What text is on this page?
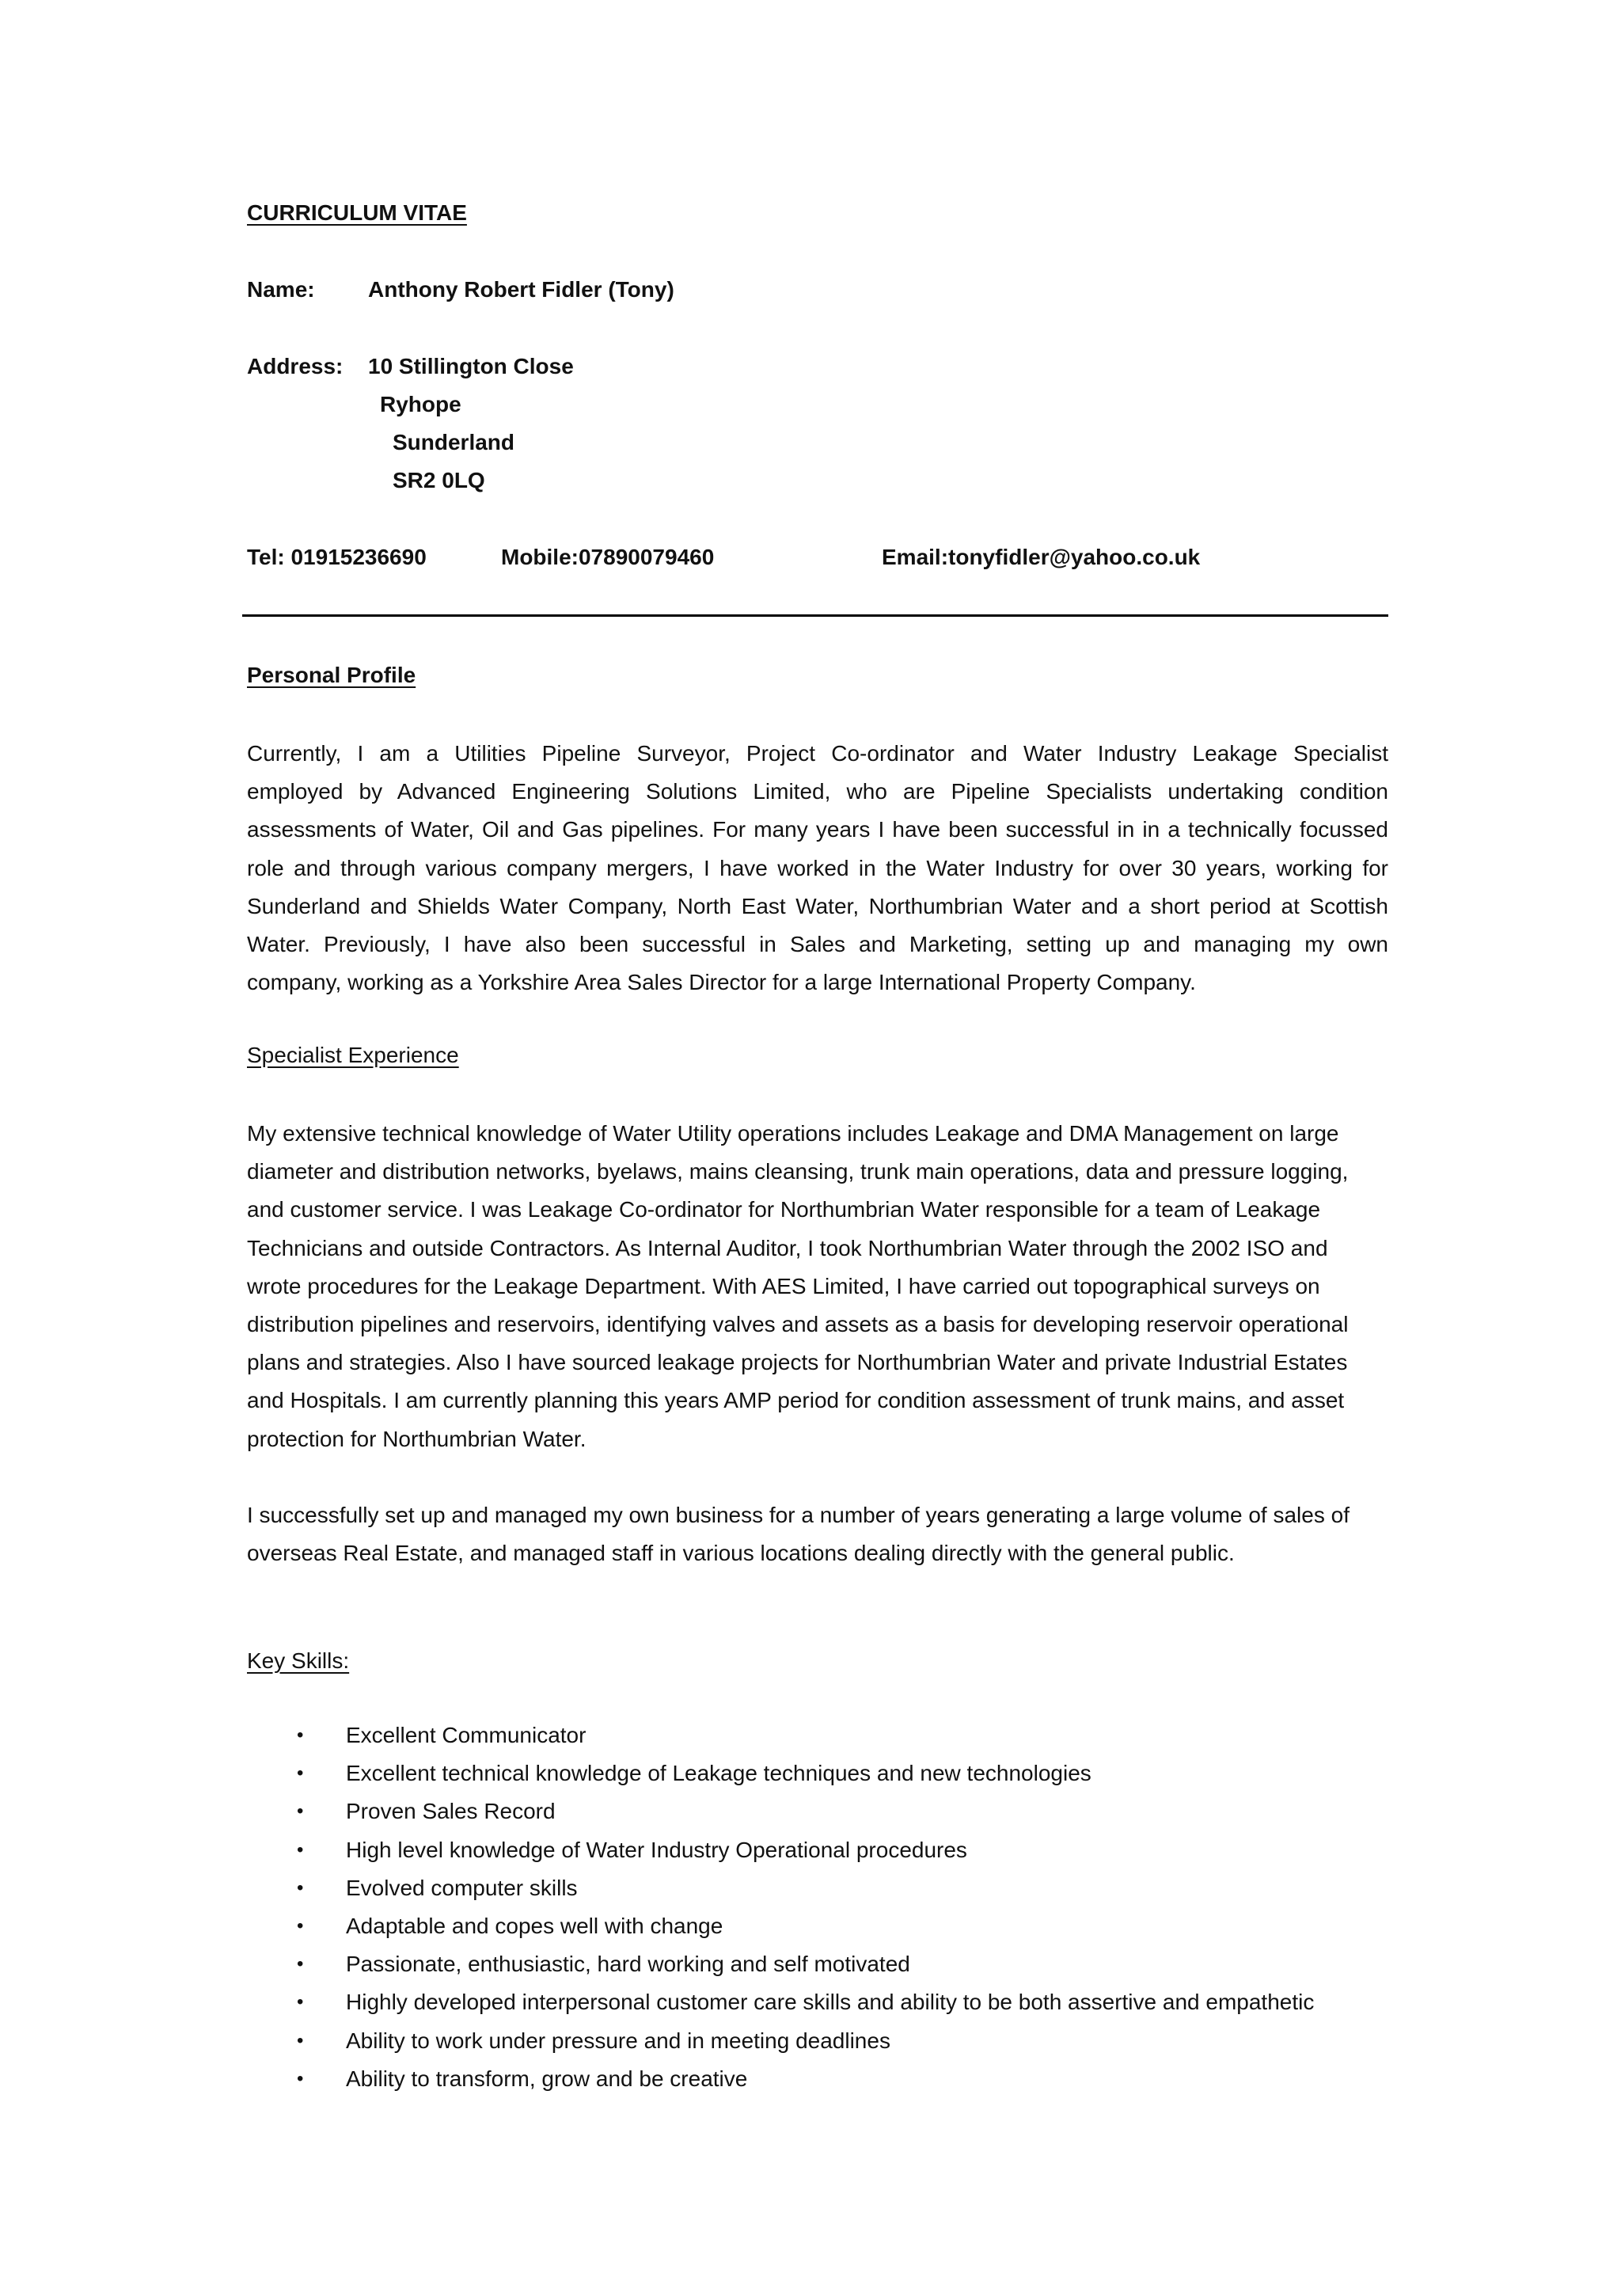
CURRICULUM VITAE
Name: Anthony Robert Fidler (Tony)
Address: 10 Stillington Close
Ryhope
Sunderland
SR2 0LQ
Tel: 01915236690	Mobile:07890079460	Email:tonyfidler@yahoo.co.uk
Personal Profile
Currently, I am a Utilities Pipeline Surveyor, Project Co-ordinator and Water Industry Leakage Specialist
employed by Advanced Engineering Solutions Limited, who are Pipeline Specialists undertaking condition
assessments of Water, Oil and Gas pipelines. For many years I have been successful in in a technically focussed
role and through various company mergers, I have worked in the Water Industry for over 30 years, working for
Sunderland and Shields Water Company, North East Water, Northumbrian Water and a short period at Scottish
Water. Previously, I have also been successful in Sales and Marketing, setting up and managing my own
company, working as a Yorkshire Area Sales Director for a large International Property Company.
Specialist Experience
My extensive technical knowledge of Water Utility operations includes Leakage and DMA Management on large
diameter and distribution networks, byelaws, mains cleansing, trunk main operations, data and pressure logging,
and customer service. I was Leakage Co-ordinator for Northumbrian Water responsible for a team of Leakage
Technicians and outside Contractors. As Internal Auditor, I took Northumbrian Water through the 2002 ISO and
wrote procedures for the Leakage Department. With AES Limited, I have carried out topographical surveys on
distribution pipelines and reservoirs, identifying valves and assets as a basis for developing reservoir operational
plans and strategies. Also I have sourced leakage projects for Northumbrian Water and private Industrial Estates
and Hospitals. I am currently planning this years AMP period for condition assessment of trunk mains, and asset
protection for Northumbrian Water.
I successfully set up and managed my own business for a number of years generating a large volume of sales of
overseas Real Estate, and managed staff in various locations dealing directly with the general public.
Key Skills:
• Excellent Communicator
• Excellent technical knowledge of Leakage techniques and new technologies
• Proven Sales Record
• High level knowledge of Water Industry Operational procedures
• Evolved computer skills
• Adaptable and copes well with change
• Passionate, enthusiastic, hard working and self motivated
• Highly developed interpersonal customer care skills and ability to be both assertive and empathetic
• Ability to work under pressure and in meeting deadlines
• Ability to transform, grow and be creative
